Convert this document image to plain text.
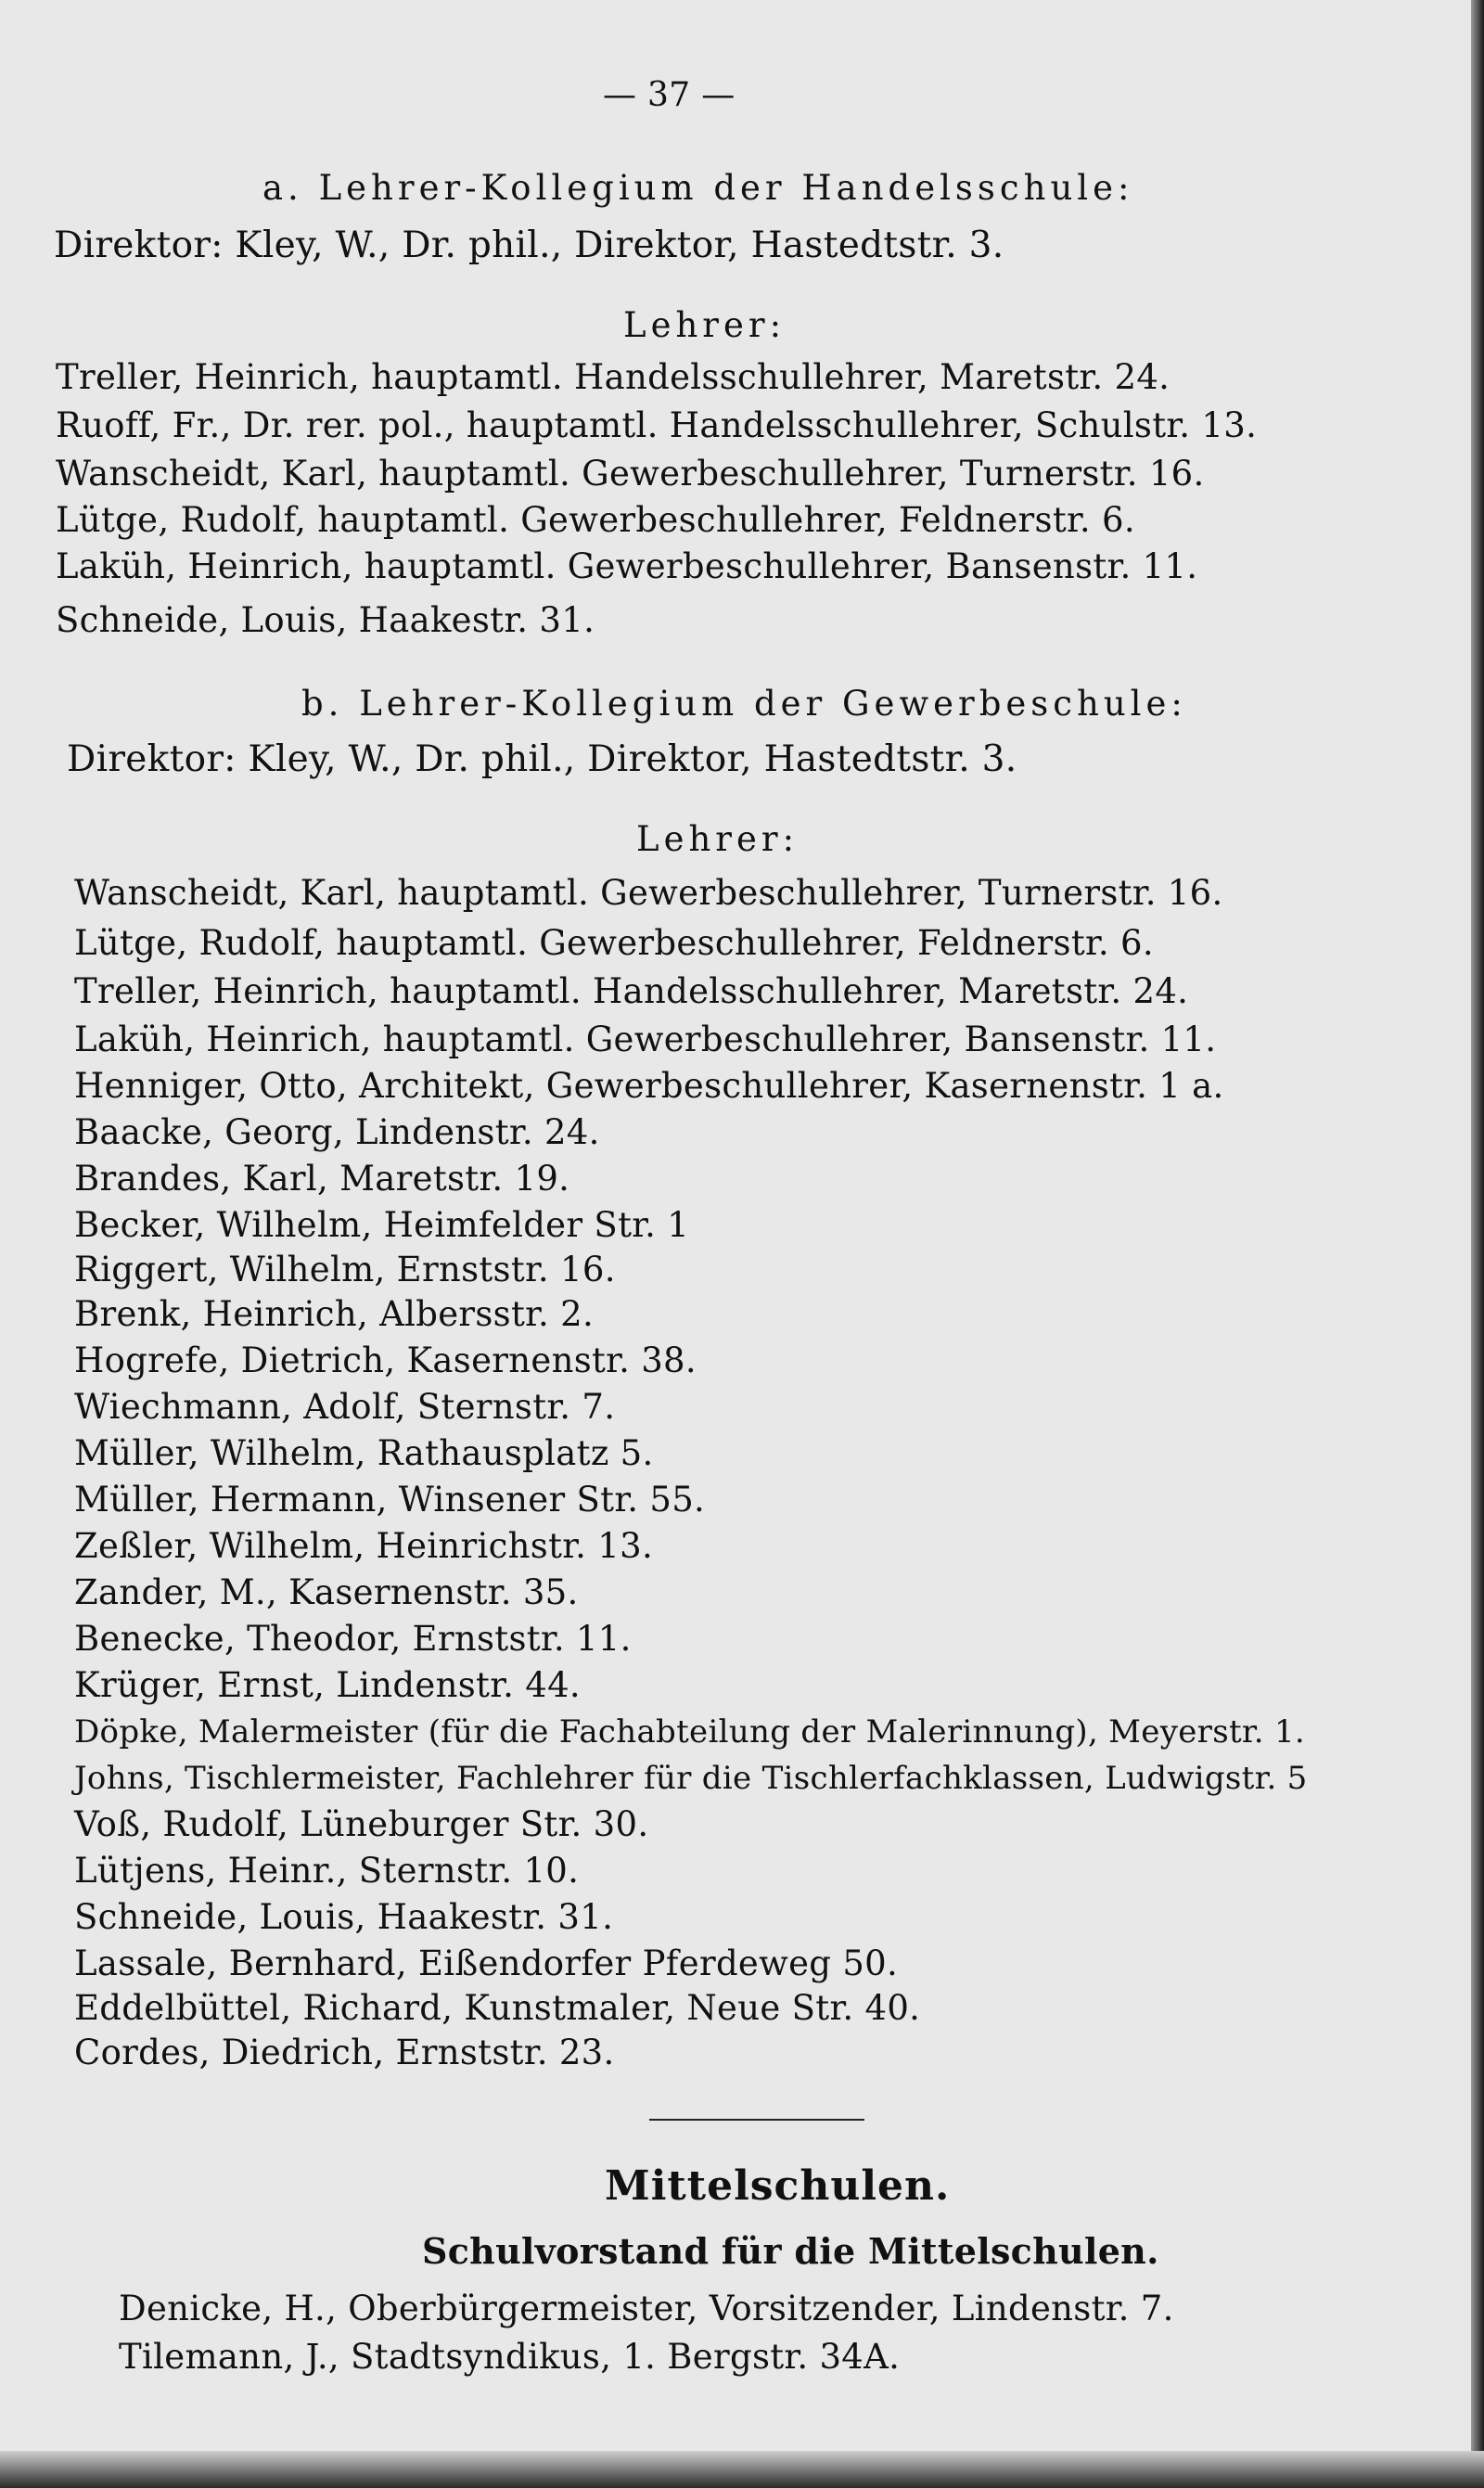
— 37 —
a. Lehrer-Kollegium der Handelsschule:
Direktor: Kley, W., Dr. phil., Direktor, Hastedtstr. 3.
Lehrer:
Treller, Heinrich, hauptamtl. Handelsschullehrer, Maretstr. 24.
Ruoff, Fr., Dr. rer. pol., hauptamtl. Handelsschullehrer, Schulstr. 13.
Wanscheidt, Karl, hauptamtl. Gewerbeschullehrer, Turnerstr. 16.
Lütge, Rudolf, hauptamtl. Gewerbeschullehrer, Feldnerstr. 6.
Laküh, Heinrich, hauptamtl. Gewerbeschullehrer, Bansenstr. 11.
Schneide, Louis, Haakestr. 31.
b. Lehrer-Kollegium der Gewerbeschule:
Direktor: Kley, W., Dr. phil., Direktor, Hastedtstr. 3.
Lehrer:
Wanscheidt, Karl, hauptamtl. Gewerbeschullehrer, Turnerstr. 16.
Lütge, Rudolf, hauptamtl. Gewerbeschullehrer, Feldnerstr. 6.
Treller, Heinrich, hauptamtl. Handelsschullehrer, Maretstr. 24.
Laküh, Heinrich, hauptamtl. Gewerbeschullehrer, Bansenstr. 11.
Henniger, Otto, Architekt, Gewerbeschullehrer, Kasernenstr. 1 a.
Baacke, Georg, Lindenstr. 24.
Brandes, Karl, Maretstr. 19.
Becker, Wilhelm, Heimfelder Str. 1
Riggert, Wilhelm, Ernststr. 16.
Brenk, Heinrich, Albersstr. 2.
Hogrefe, Dietrich, Kasernenstr. 38.
Wiechmann, Adolf, Sternstr. 7.
Müller, Wilhelm, Rathausplatz 5.
Müller, Hermann, Winsener Str. 55.
Zeßler, Wilhelm, Heinrichstr. 13.
Zander, M., Kasernenstr. 35.
Benecke, Theodor, Ernststr. 11.
Krüger, Ernst, Lindenstr. 44.
Döpke, Malermeister (für die Fachabteilung der Malerinnung), Meyerstr. 1.
Johns, Tischlermeister, Fachlehrer für die Tischlerfachklassen, Ludwigstr. 5
Voß, Rudolf, Lüneburger Str. 30.
Lütjens, Heinr., Sternstr. 10.
Schneide, Louis, Haakestr. 31.
Lassale, Bernhard, Eißendorfer Pferdeweg 50.
Eddelbüttel, Richard, Kunstmaler, Neue Str. 40.
Cordes, Diedrich, Ernststr. 23.
Mittelschulen.
Schulvorstand für die Mittelschulen.
Denicke, H., Oberbürgermeister, Vorsitzender, Lindenstr. 7.
Tilemann, J., Stadtsyndikus, 1. Bergstr. 34A.
